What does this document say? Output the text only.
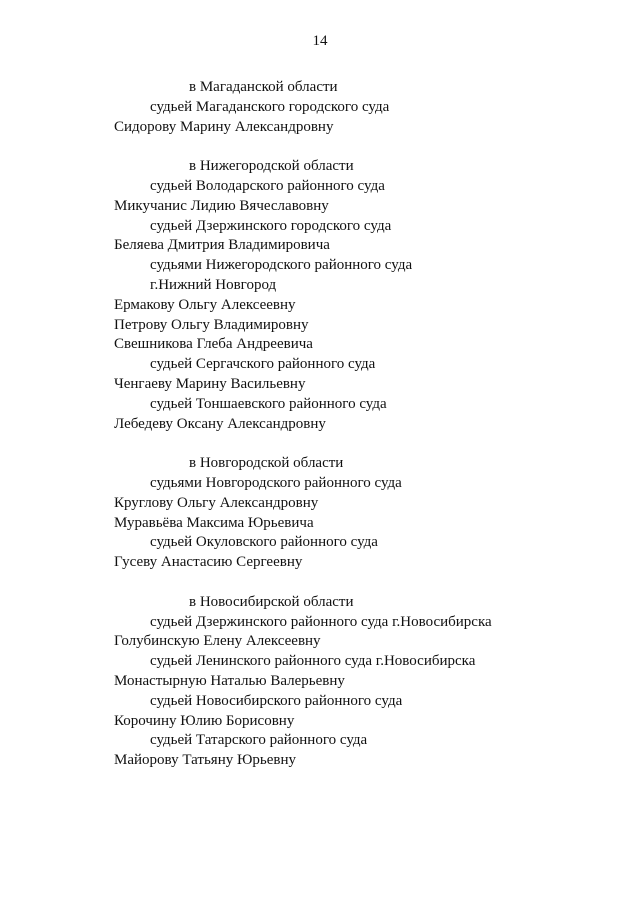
14
в Магаданской области
судьей Магаданского городского суда
Сидорову Марину Александровну
в Нижегородской области
судьей Володарского районного суда
Микучанис Лидию Вячеславовну
судьей Дзержинского городского суда
Беляева Дмитрия Владимировича
судьями Нижегородского районного суда
г.Нижний Новгород
Ермакову Ольгу Алексеевну
Петрову Ольгу Владимировну
Свешникова Глеба Андреевича
судьей Сергачского районного суда
Ченгаеву Марину Васильевну
судьей Тоншаевского районного суда
Лебедеву Оксану Александровну
в Новгородской области
судьями Новгородского районного суда
Круглову Ольгу Александровну
Муравьёва Максима Юрьевича
судьей Окуловского районного суда
Гусеву Анастасию Сергеевну
в Новосибирской области
судьей Дзержинского районного суда г.Новосибирска
Голубинскую Елену Алексеевну
судьей Ленинского районного суда г.Новосибирска
Монастырную Наталью Валерьевну
судьей Новосибирского районного суда
Корочину Юлию Борисовну
судьей Татарского районного суда
Майорову Татьяну Юрьевну
